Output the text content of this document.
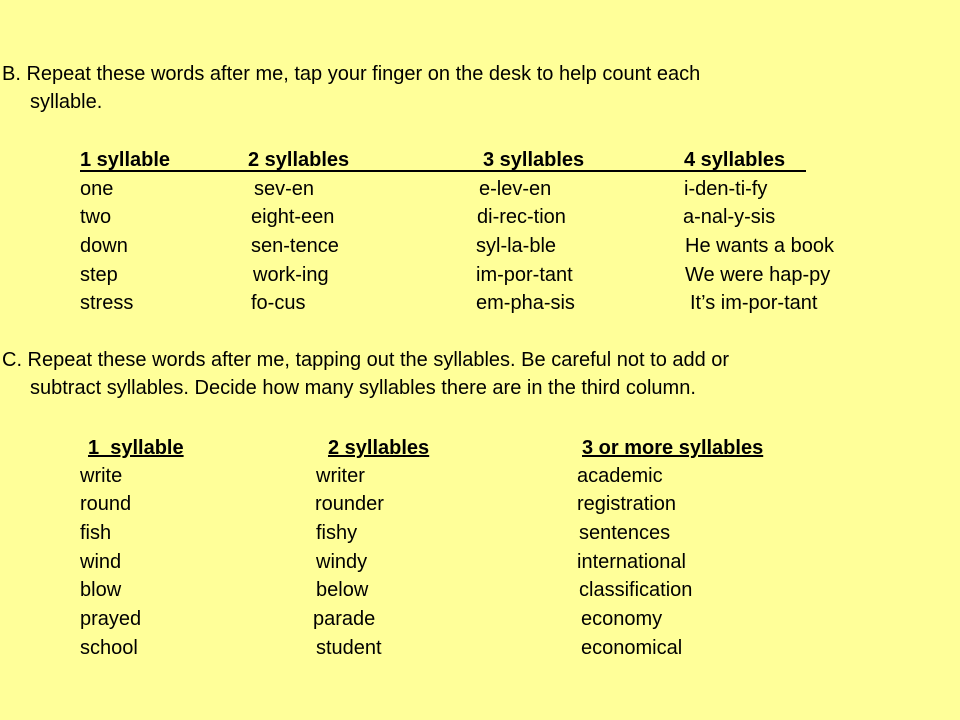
B. Repeat these words after me, tap your finger on the desk to help count each
syllable.

1 syllable	2 syllables	3 syllables	4 syllables
one	sev-en	e-lev-en	i-den-ti-fy
two	eight-een	di-rec-tion	a-nal-y-sis
down	sen-tence	syl-la-ble	He wants a book
step	work-ing	im-por-tant	We were hap-py
stress	fo-cus	em-pha-sis	It’s im-por-tant

C. Repeat these words after me, tapping out the syllables. Be careful not to add or
subtract syllables. Decide how many syllables there are in the third column.

1  syllable	2 syllables	3 or more syllables
write	writer	academic
round	rounder	registration
fish	fishy	sentences
wind	windy	international
blow	below	classification
prayed	parade	economy
school	student	economical
